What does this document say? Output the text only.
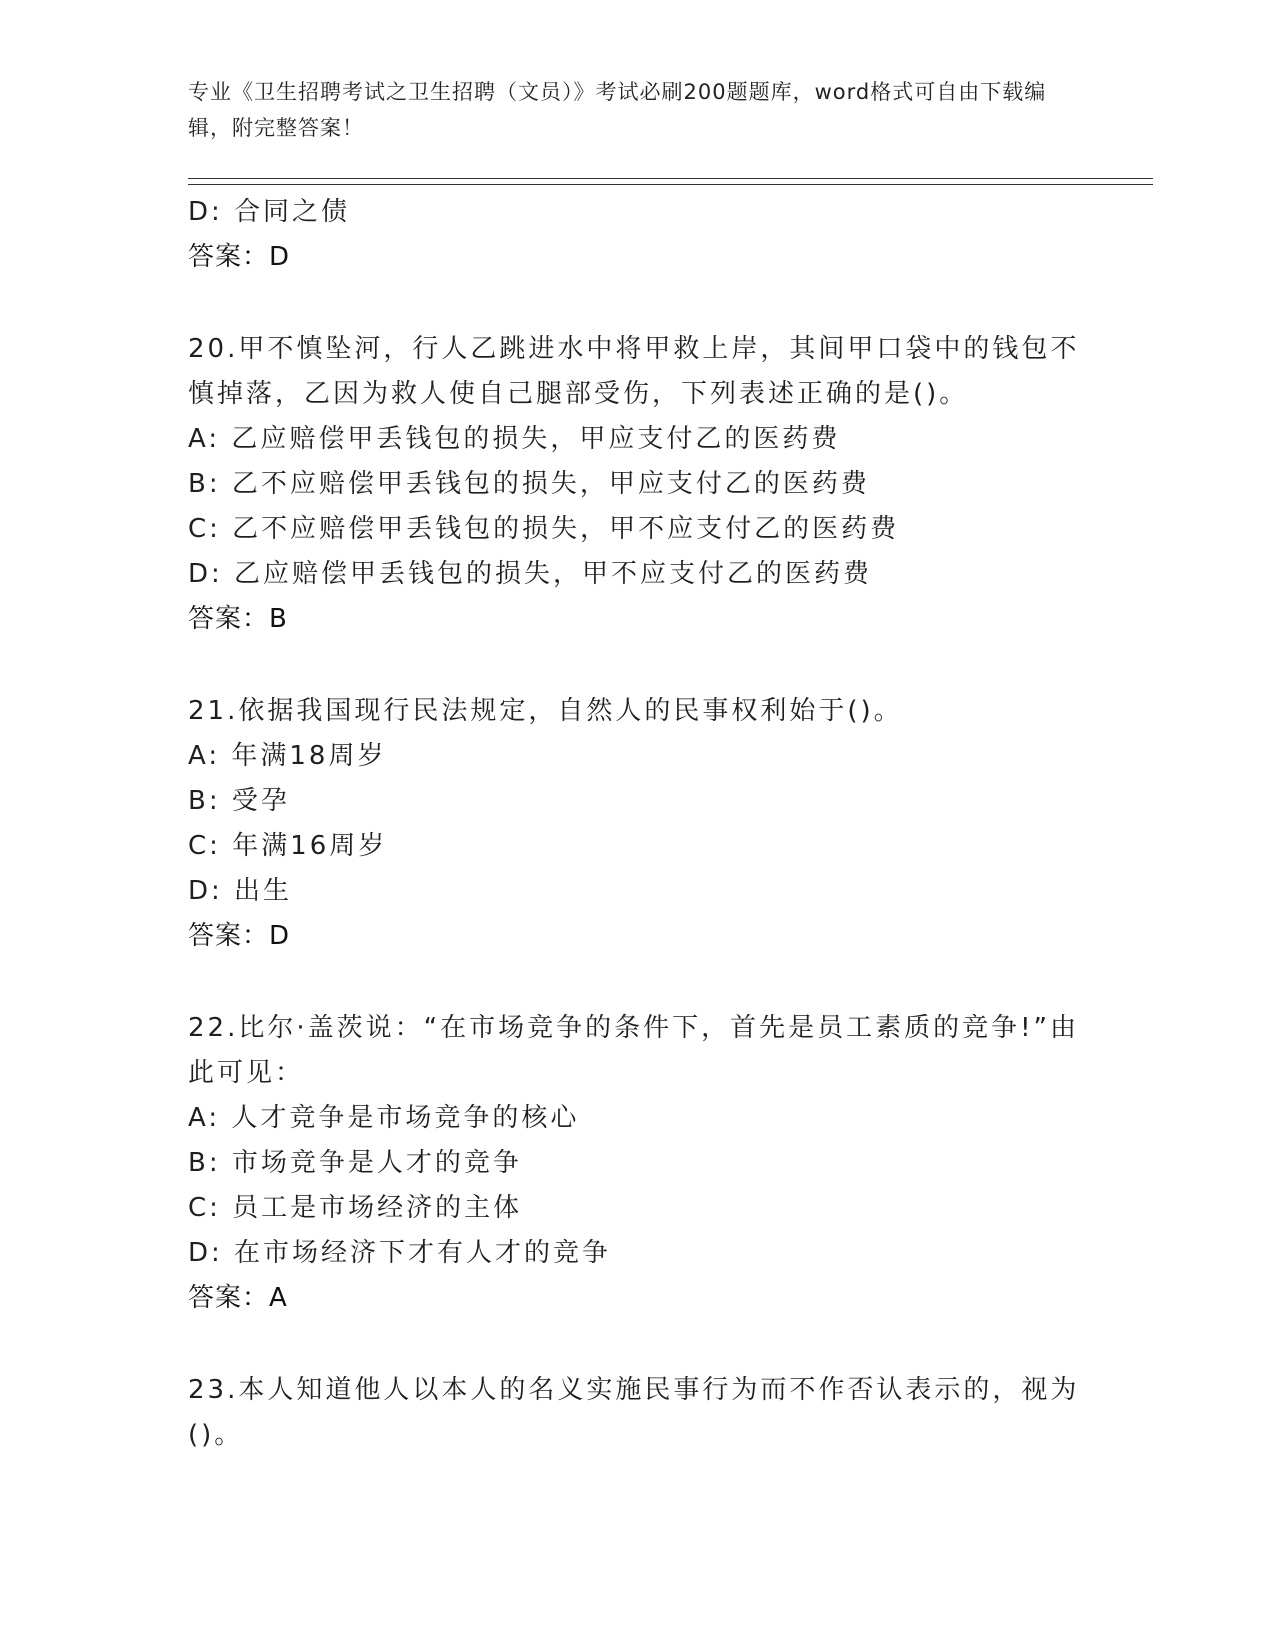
专业《卫生招聘考试之卫生招聘（文员）》考试必刷200题题库，word格式可自由下载编辑，附完整答案！
D: 合同之债
答案：D
20.甲不慎坠河，行人乙跳进水中将甲救上岸，其间甲口袋中的钱包不慎掉落，乙因为救人使自己腿部受伤，下列表述正确的是()。
A: 乙应赔偿甲丢钱包的损失，甲应支付乙的医药费
B: 乙不应赔偿甲丢钱包的损失，甲应支付乙的医药费
C: 乙不应赔偿甲丢钱包的损失，甲不应支付乙的医药费
D: 乙应赔偿甲丢钱包的损失，甲不应支付乙的医药费
答案：B
21.依据我国现行民法规定，自然人的民事权利始于()。
A: 年满18周岁
B: 受孕
C: 年满16周岁
D: 出生
答案：D
22.比尔·盖茨说：“在市场竞争的条件下，首先是员工素质的竞争!”由此可见：
A: 人才竞争是市场竞争的核心
B: 市场竞争是人才的竞争
C: 员工是市场经济的主体
D: 在市场经济下才有人才的竞争
答案：A
23.本人知道他人以本人的名义实施民事行为而不作否认表示的，视为()。
